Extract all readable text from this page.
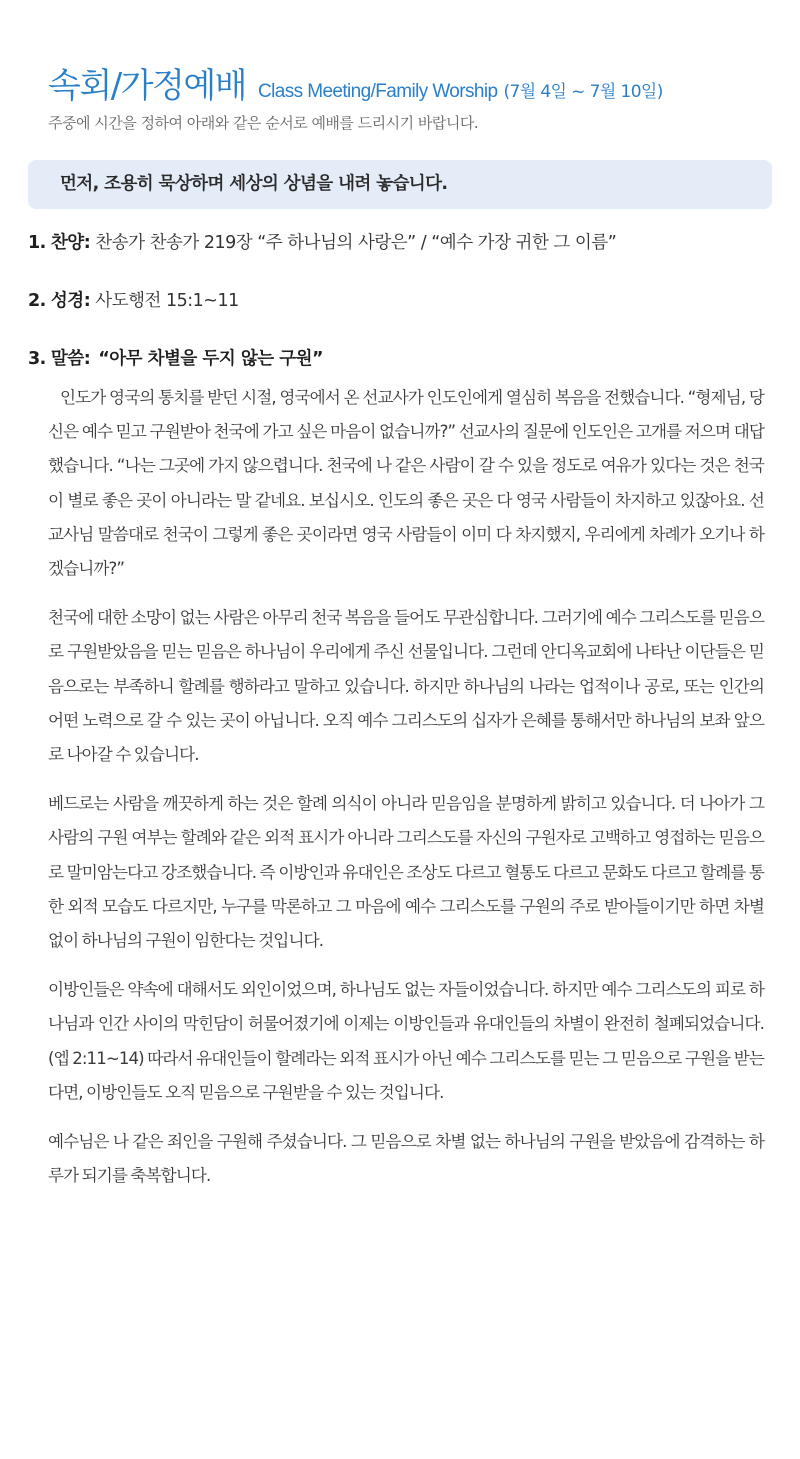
속회/가정예배 Class Meeting/Family Worship (7월 4일 ~ 7월 10일)
주중에 시간을 정하여 아래와 같은 순서로 예배를 드리시기 바랍니다.
먼저, 조용히 묵상하며 세상의 상념을 내려 놓습니다.
1. 찬양: 찬송가 찬송가 219장 “주 하나님의 사랑은” / “예수 가장 귀한 그 이름”
2. 성경: 사도행전 15:1~11
3. 말씀: “아무 차별을 두지 않는 구원”

인도가 영국의 통치를 받던 시절, 영국에서 온 선교사가 인도인에게 열심히 복음을 전했습니다. “형제님, 당신은 예수 믿고 구원받아 천국에 가고 싶은 마음이 없습니까?” 선교사의 질문에 인도인은 고개를 저으며 대답했습니다. “나는 그곳에 가지 않으렵니다. 천국에 나 같은 사람이 갈 수 있을 정도로 여유가 있다는 것은 천국이 별로 좋은 곳이 아니라는 말 같네요. 보십시오. 인도의 좋은 곳은 다 영국 사람들이 차지하고 있잖아요. 선교사님 말씀대로 천국이 그렇게 좋은 곳이라면 영국 사람들이 이미 다 차지했지, 우리에게 차례가 오기나 하겠습니까?”

천국에 대한 소망이 없는 사람은 아무리 천국 복음을 들어도 무관심합니다. 그러기에 예수 그리스도를 믿음으로 구원받았음을 믿는 믿음은 하나님이 우리에게 주신 선물입니다. 그런데 안디옥교회에 나타난 이단들은 믿음으로는 부족하니 할례를 행하라고 말하고 있습니다. 하지만 하나님의 나라는 업적이나 공로, 또는 인간의 어떤 노력으로 갈 수 있는 곳이 아닙니다. 오직 예수 그리스도의 십자가 은혜를 통해서만 하나님의 보좌 앞으로 나아갈 수 있습니다.

베드로는 사람을 깨끗하게 하는 것은 할례 의식이 아니라 믿음임을 분명하게 밝히고 있습니다. 더 나아가 그 사람의 구원 여부는 할례와 같은 외적 표시가 아니라 그리스도를 자신의 구원자로 고백하고 영접하는 믿음으로 말미암는다고 강조했습니다. 즉 이방인과 유대인은 조상도 다르고 혈통도 다르고 문화도 다르고 할례를 통한 외적 모습도 다르지만, 누구를 막론하고 그 마음에 예수 그리스도를 구원의 주로 받아들이기만 하면 차별 없이 하나님의 구원이 임한다는 것입니다.

이방인들은 약속에 대해서도 외인이었으며, 하나님도 없는 자들이었습니다. 하지만 예수 그리스도의 피로 하나님과 인간 사이의 막힌담이 허물어졌기에 이제는 이방인들과 유대인들의 차별이 완전히 철폐되었습니다. (엡 2:11~14) 따라서 유대인들이 할례라는 외적 표시가 아닌 예수 그리스도를 믿는 그 믿음으로 구원을 받는다면, 이방인들도 오직 믿음으로 구원받을 수 있는 것입니다.

예수님은 나 같은 죄인을 구원해 주셨습니다. 그 믿음으로 차별 없는 하나님의 구원을 받았음에 감격하는 하루가 되기를 축복합니다.
